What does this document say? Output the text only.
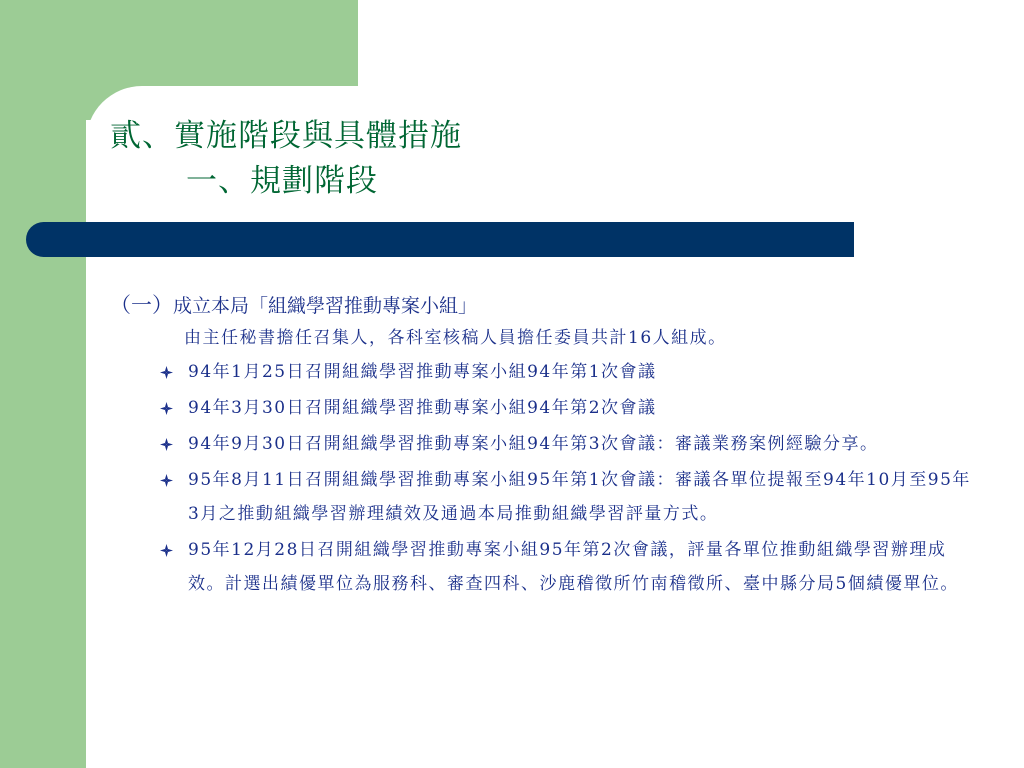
貳、實施階段與具體措施
一、規劃階段
（一）成立本局「組織學習推動專案小組」
由主任秘書擔任召集人，各科室核稿人員擔任委員共計16人組成。
94年1月25日召開組織學習推動專案小組94年第1次會議
94年3月30日召開組織學習推動專案小組94年第2次會議
94年9月30日召開組織學習推動專案小組94年第3次會議：審議業務案例經驗分享。
95年8月11日召開組織學習推動專案小組95年第1次會議：審議各單位提報至94年10月至95年3月之推動組織學習辦理績效及通過本局推動組織學習評量方式。
95年12月28日召開組織學習推動專案小組95年第2次會議，評量各單位推動組織學習辦理成效。計選出績優單位為服務科、審查四科、沙鹿稽徵所竹南稽徵所、臺中縣分局5個績優單位。
